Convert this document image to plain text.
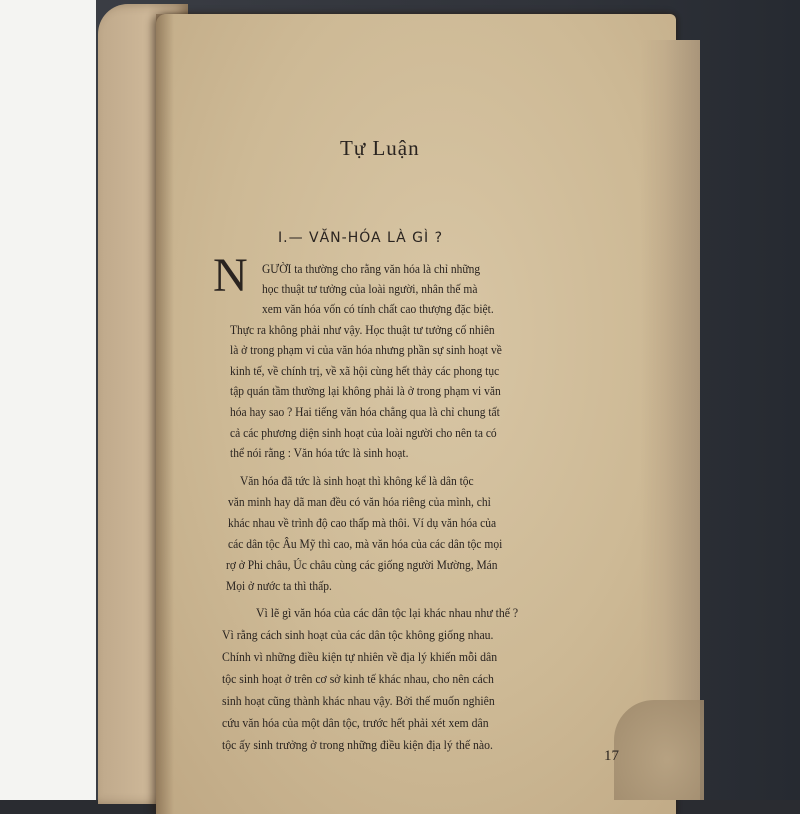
Tự Luận
I.— VĂN-HÓA LÀ GÌ ?
N GƯỜI ta thường cho rằng văn hóa là chỉ những
học thuật tư tưởng của loài người, nhân thế mà
xem văn hóa vốn có tính chất cao thượng đặc biệt.
Thực ra không phải như vậy. Học thuật tư tưởng cố nhiên
là ở trong phạm vi của văn hóa nhưng phần sự sinh hoạt về
kinh tế, về chính trị, về xã hội cùng hết thảy các phong tục
tập quán tầm thường lại không phải là ở trong phạm vi văn
hóa hay sao ? Hai tiếng văn hóa chẳng qua là chỉ chung tất
cả các phương diện sinh hoạt của loài người cho nên ta có
thể nói rằng : Văn hóa tức là sinh hoạt.
Văn hóa đã tức là sinh hoạt thì không kể là dân tộc
văn minh hay dã man đều có văn hóa riêng của mình, chỉ
khác nhau về trình độ cao thấp mà thôi. Ví dụ văn hóa của
các dân tộc Âu Mỹ thì cao, mà văn hóa của các dân tộc mọi
rợ ở Phi châu, Úc châu cùng các giống người Mường, Mán
Mọi ở nước ta thì thấp.
Vì lẽ gì văn hóa của các dân tộc lại khác nhau như thế ?
Vì rằng cách sinh hoạt của các dân tộc không giống nhau.
Chính vì những điều kiện tự nhiên về địa lý khiến mỗi dân
tộc sinh hoạt ở trên cơ sở kinh tế khác nhau, cho nên cách
sinh hoạt cũng thành khác nhau vậy. Bởi thế muốn nghiên
cứu văn hóa của một dân tộc, trước hết phải xét xem dân
tộc ấy sinh trưởng ở trong những điều kiện địa lý thế nào.
17
